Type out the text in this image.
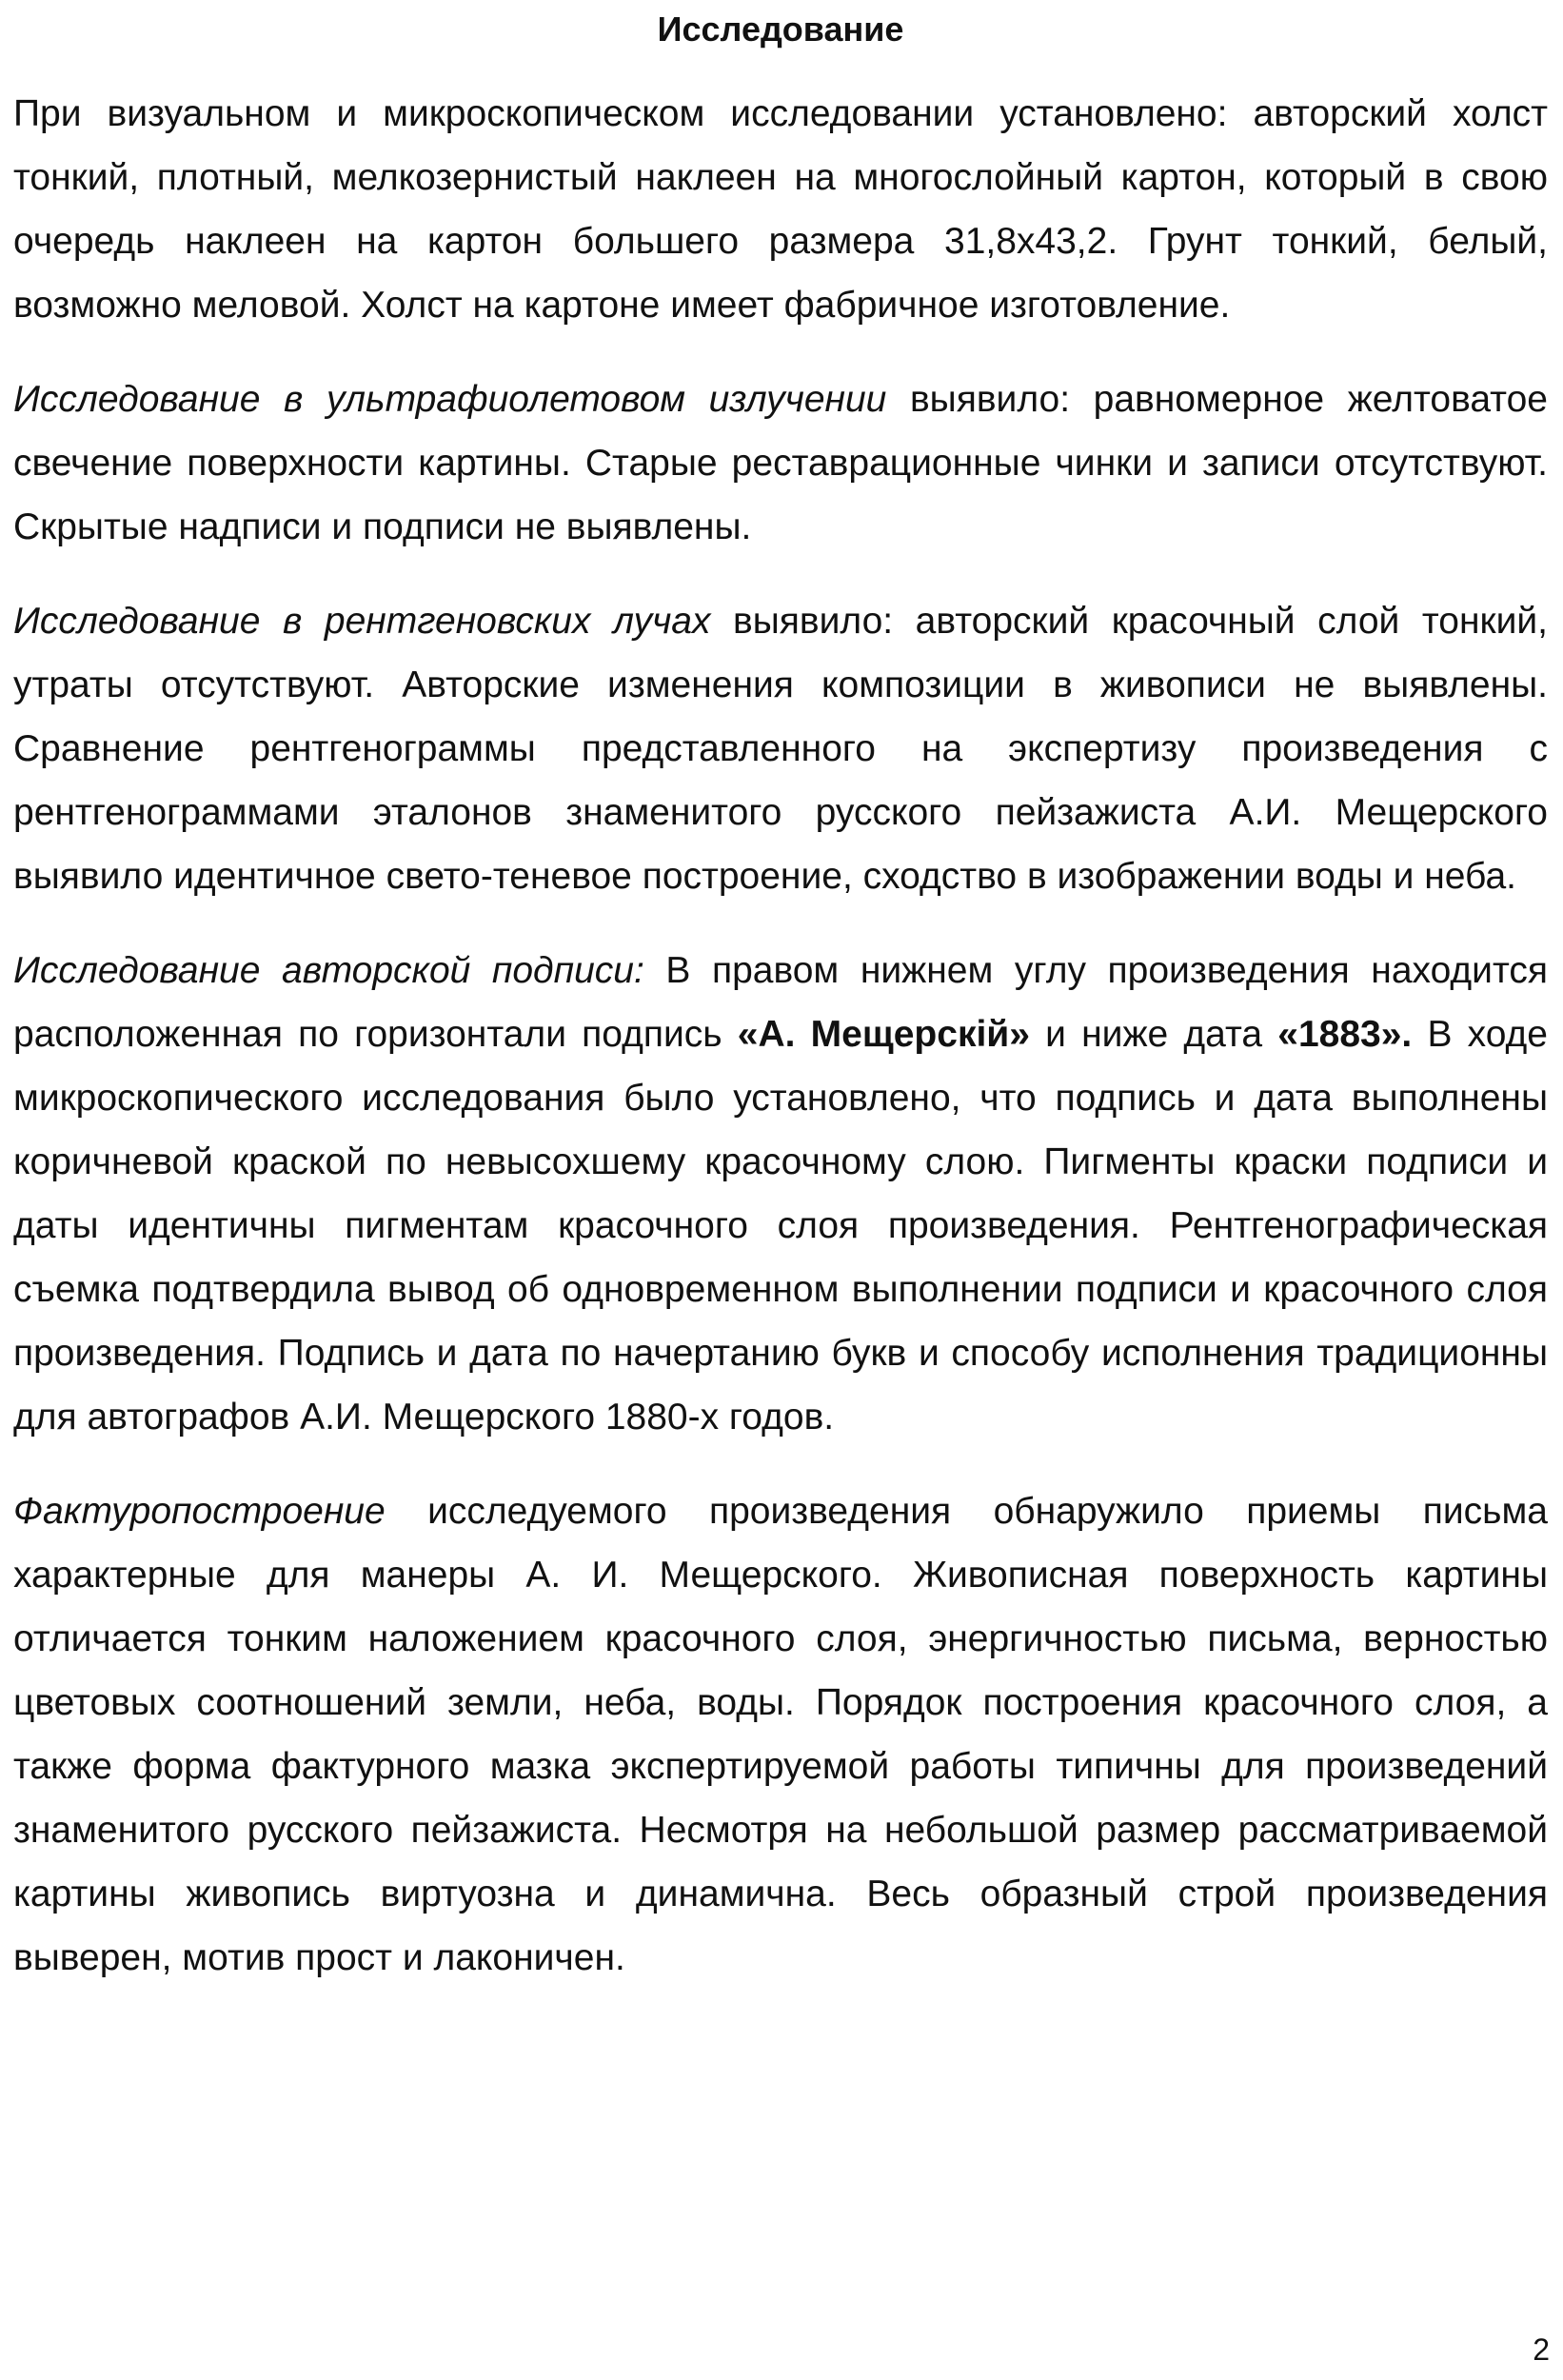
Исследование

При визуальном и микроскопическом исследовании установлено: авторский холст тонкий, плотный, мелкозернистый наклеен на многослойный картон, который в свою очередь наклеен на картон большего размера 31,8х43,2. Грунт тонкий, белый, возможно меловой. Холст на картоне имеет фабричное изготовление.

Исследование в ультрафиолетовом излучении выявило: равномерное желтоватое свечение поверхности картины. Старые реставрационные чинки и записи отсутствуют. Скрытые надписи и подписи не выявлены.

Исследование в рентгеновских лучах выявило: авторский красочный слой тонкий, утраты отсутствуют. Авторские изменения композиции в живописи не выявлены. Сравнение рентгенограммы представленного на экспертизу произведения с рентгенограммами эталонов знаменитого русского пейзажиста А.И. Мещерского выявило идентичное свето-теневое построение, сходство в изображении воды и неба.

Исследование авторской подписи: В правом нижнем углу произведения находится расположенная по горизонтали подпись «А. Мещерскiй» и ниже дата «1883». В ходе микроскопического исследования было установлено, что подпись и дата выполнены коричневой краской по невысохшему красочному слою. Пигменты краски подписи и даты идентичны пигментам красочного слоя произведения. Рентгенографическая съемка подтвердила вывод об одновременном выполнении подписи и красочного слоя произведения. Подпись и дата по начертанию букв и способу исполнения традиционны для автографов А.И. Мещерского 1880-х годов.

Фактуропостроение исследуемого произведения обнаружило приемы письма характерные для манеры А. И. Мещерского. Живописная поверхность картины отличается тонким наложением красочного слоя, энергичностью письма, верностью цветовых соотношений земли, неба, воды. Порядок построения красочного слоя, а также форма фактурного мазка экспертируемой работы типичны для произведений знаменитого русского пейзажиста. Несмотря на небольшой размер рассматриваемой картины живопись виртуозна и динамична. Весь образный строй произведения выверен, мотив прост и лаконичен.

2
